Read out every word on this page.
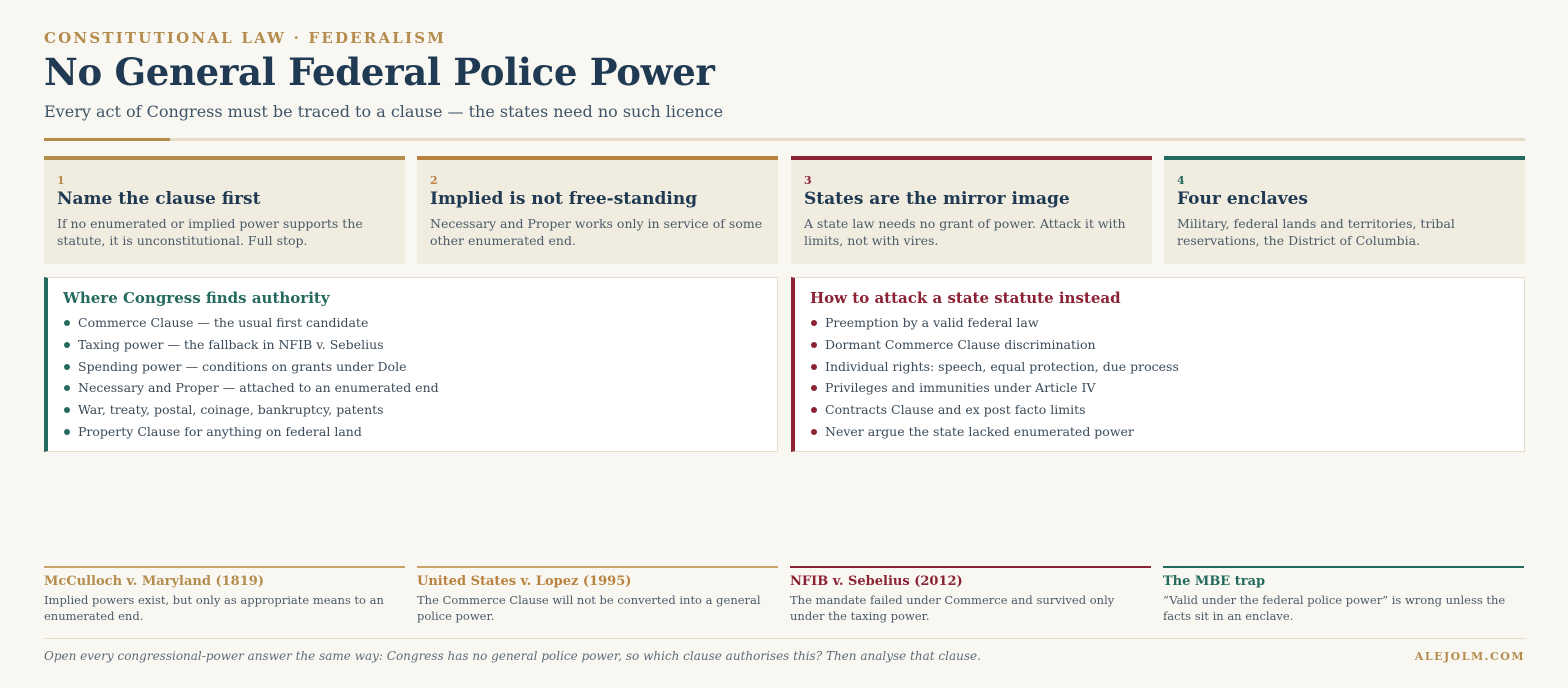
CONSTITUTIONAL LAW · FEDERALISM
No General Federal Police Power
Every act of Congress must be traced to a clause — the states need no such licence
1
Name the clause first
If no enumerated or implied power supports the statute, it is unconstitutional. Full stop.
2
Implied is not free-standing
Necessary and Proper works only in service of some other enumerated end.
3
States are the mirror image
A state law needs no grant of power. Attack it with limits, not with vires.
4
Four enclaves
Military, federal lands and territories, tribal reservations, the District of Columbia.
Where Congress finds authority
Commerce Clause — the usual first candidate
Taxing power — the fallback in NFIB v. Sebelius
Spending power — conditions on grants under Dole
Necessary and Proper — attached to an enumerated end
War, treaty, postal, coinage, bankruptcy, patents
Property Clause for anything on federal land
How to attack a state statute instead
Preemption by a valid federal law
Dormant Commerce Clause discrimination
Individual rights: speech, equal protection, due process
Privileges and immunities under Article IV
Contracts Clause and ex post facto limits
Never argue the state lacked enumerated power
McCulloch v. Maryland (1819)
Implied powers exist, but only as appropriate means to an enumerated end.
United States v. Lopez (1995)
The Commerce Clause will not be converted into a general police power.
NFIB v. Sebelius (2012)
The mandate failed under Commerce and survived only under the taxing power.
The MBE trap
“Valid under the federal police power” is wrong unless the facts sit in an enclave.
Open every congressional-power answer the same way: Congress has no general police power, so which clause authorises this? Then analyse that clause.	ALEJOLM.COM
